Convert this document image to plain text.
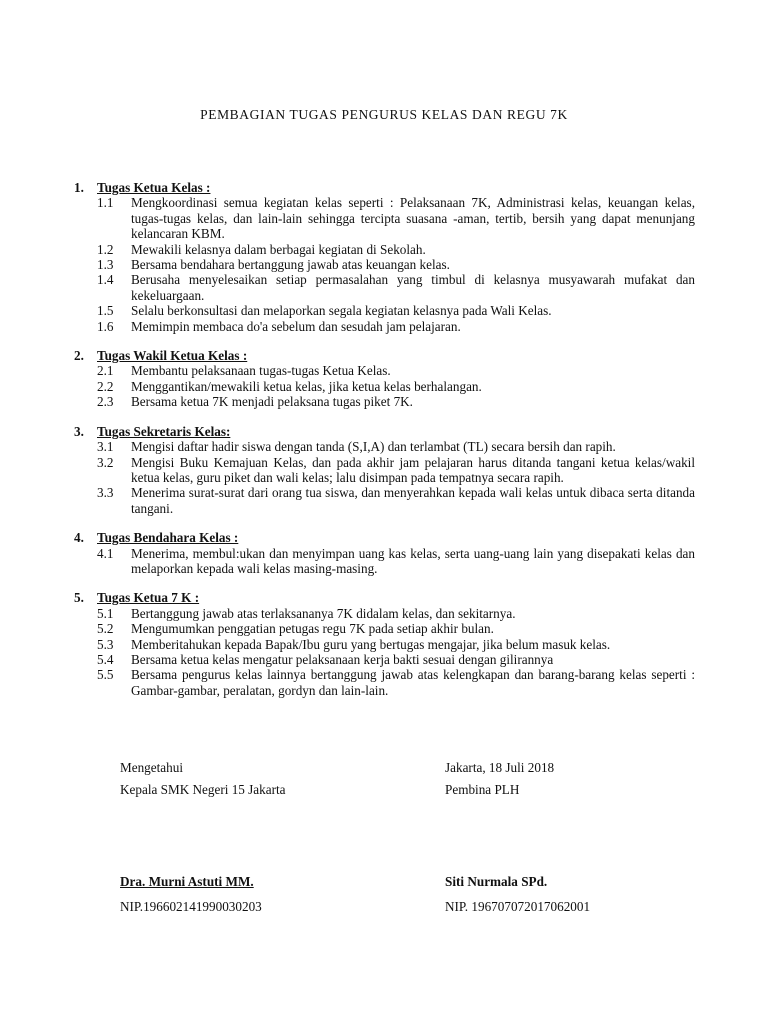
PEMBAGIAN TUGAS PENGURUS KELAS DAN REGU 7K
1. Tugas Ketua Kelas :
1.1	Mengkoordinasi semua kegiatan kelas seperti : Pelaksanaan 7K, Administrasi kelas, keuangan kelas, tugas-tugas kelas, dan lain-lain sehingga tercipta suasana -aman, tertib, bersih yang dapat menunjang kelancaran KBM.
1.2	Mewakili kelasnya dalam berbagai kegiatan di Sekolah.
1.3	Bersama bendahara bertanggung jawab atas keuangan kelas.
1.4	Berusaha menyelesaikan setiap permasalahan yang timbul di kelasnya musyawarah mufakat dan kekeluargaan.
1.5	Selalu berkonsultasi dan melaporkan segala kegiatan kelasnya pada Wali Kelas.
1.6	Memimpin membaca do'a sebelum dan sesudah jam pelajaran.
2. Tugas Wakil Ketua Kelas :
2.1	Membantu pelaksanaan tugas-tugas Ketua Kelas.
2.2	Menggantikan/mewakili ketua kelas, jika ketua kelas berhalangan.
2.3	Bersama ketua 7K menjadi pelaksana tugas piket 7K.
3. Tugas Sekretaris Kelas:
3.1	Mengisi daftar hadir siswa dengan tanda (S,I,A) dan terlambat (TL) secara bersih dan rapih.
3.2	Mengisi Buku Kemajuan Kelas, dan pada akhir jam pelajaran harus ditanda tangani ketua kelas/wakil ketua kelas, guru piket dan wali kelas; lalu disimpan pada tempatnya secara rapih.
3.3	Menerima surat-surat dari orang tua siswa, dan menyerahkan kepada wali kelas untuk dibaca serta ditanda tangani.
4. Tugas Bendahara Kelas :
4.1	Menerima, membul:ukan dan menyimpan uang kas kelas, serta uang-uang lain yang disepakati kelas dan melaporkan kepada wali kelas masing-masing.
5. Tugas Ketua 7 K :
5.1	Bertanggung jawab atas terlaksananya 7K didalam kelas, dan sekitarnya.
5.2	Mengumumkan penggatian petugas regu 7K pada setiap akhir bulan.
5.3	Memberitahukan kepada Bapak/Ibu guru yang bertugas mengajar, jika belum masuk kelas.
5.4	Bersama ketua kelas mengatur pelaksanaan kerja bakti sesuai dengan gilirannya
5.5	Bersama pengurus kelas lainnya bertanggung jawab atas kelengkapan dan barang-barang kelas seperti : Gambar-gambar, peralatan, gordyn dan lain-lain.
Mengetahui
Kepala SMK Negeri 15 Jakarta
Dra. Murni Astuti MM.
NIP.196602141990030203
Jakarta, 18 Juli 2018
Pembina PLH
Siti Nurmala SPd.
NIP. 196707072017062001
